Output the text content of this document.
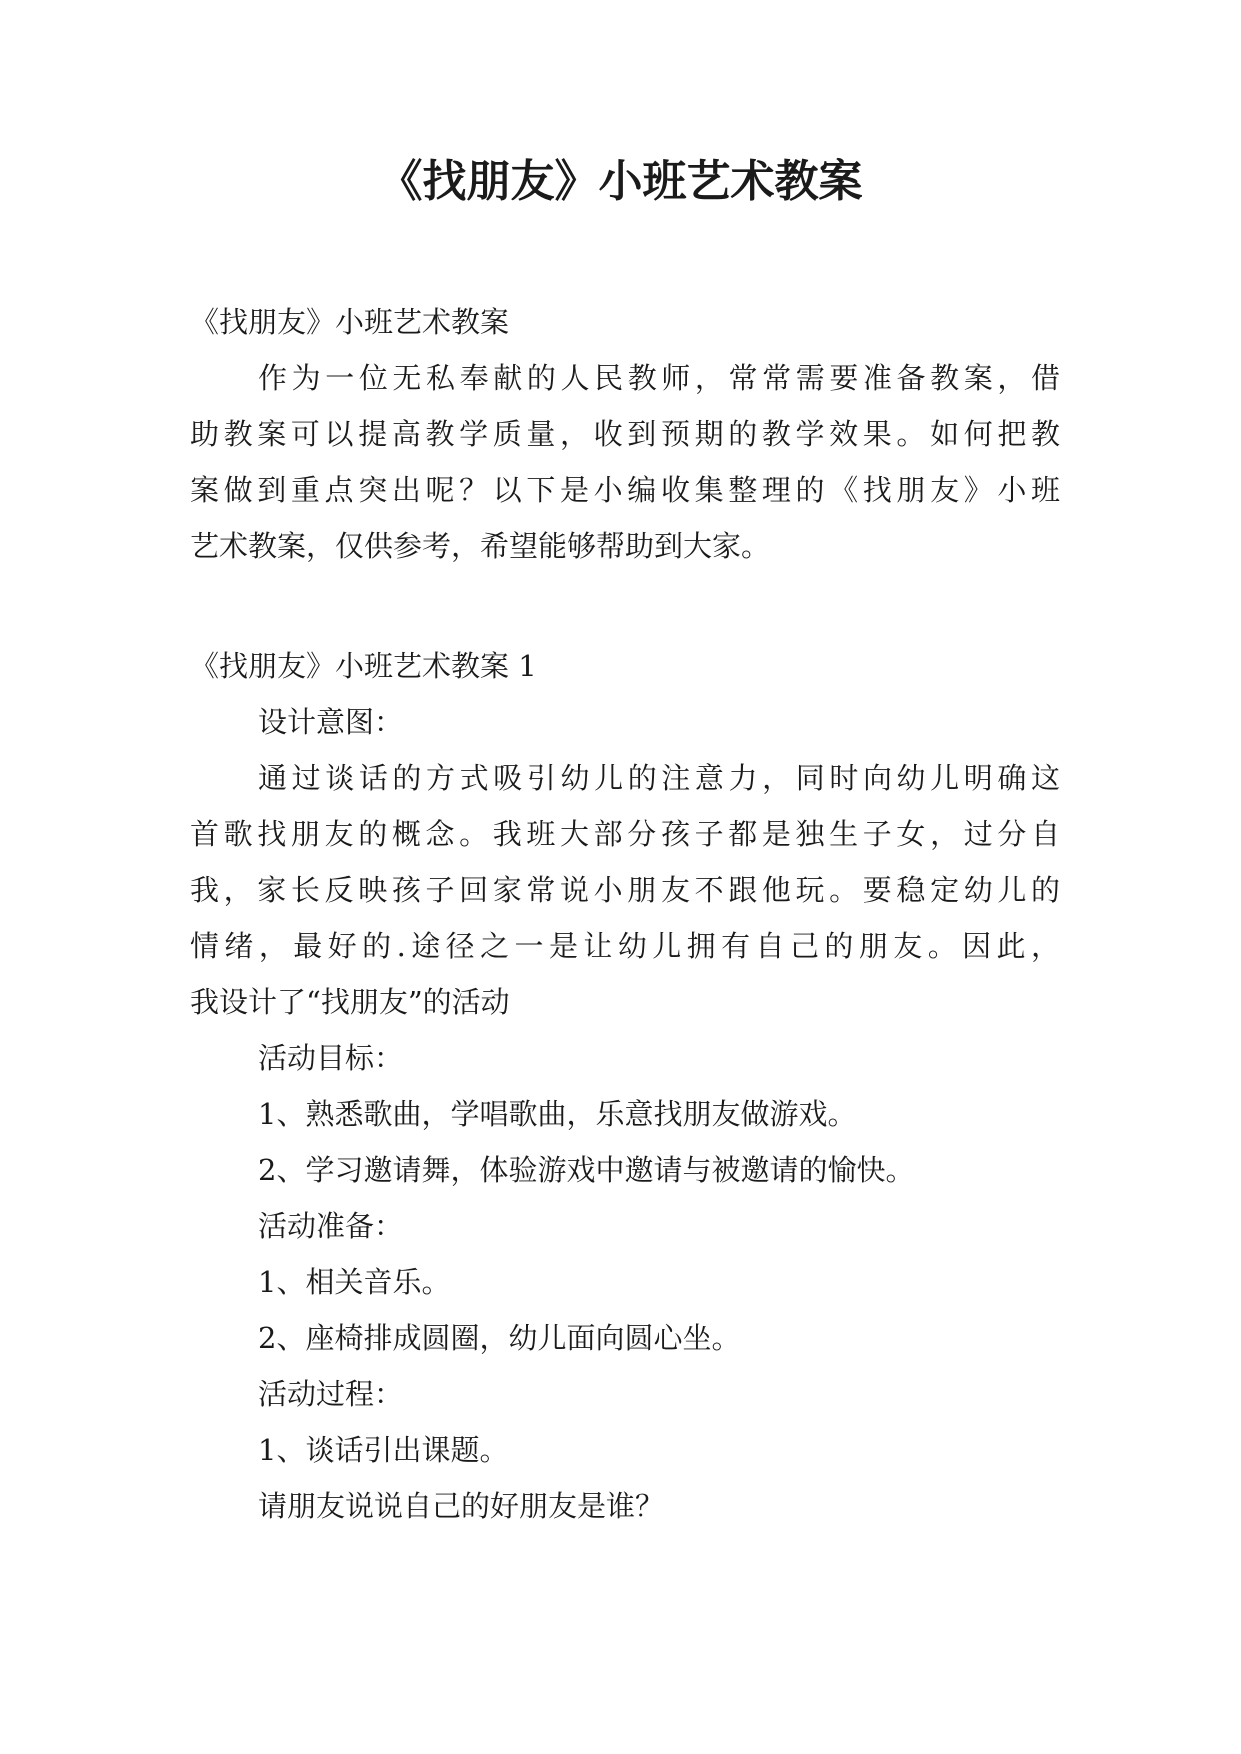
《找朋友》小班艺术教案
《找朋友》小班艺术教案
作为一位无私奉献的人民教师，常常需要准备教案，借
助教案可以提高教学质量，收到预期的教学效果。如何把教
案做到重点突出呢？以下是小编收集整理的《找朋友》小班
艺术教案，仅供参考，希望能够帮助到大家。
《找朋友》小班艺术教案 1
设计意图：
通过谈话的方式吸引幼儿的注意力，同时向幼儿明确这
首歌找朋友的概念。我班大部分孩子都是独生子女，过分自
我，家长反映孩子回家常说小朋友不跟他玩。要稳定幼儿的
情绪，最好的.途径之一是让幼儿拥有自己的朋友。因此，
我设计了“找朋友”的活动
活动目标：
1、熟悉歌曲，学唱歌曲，乐意找朋友做游戏。
2、学习邀请舞，体验游戏中邀请与被邀请的愉快。
活动准备：
1、相关音乐。
2、座椅排成圆圈，幼儿面向圆心坐。
活动过程：
1、谈话引出课题。
请朋友说说自己的好朋友是谁？
